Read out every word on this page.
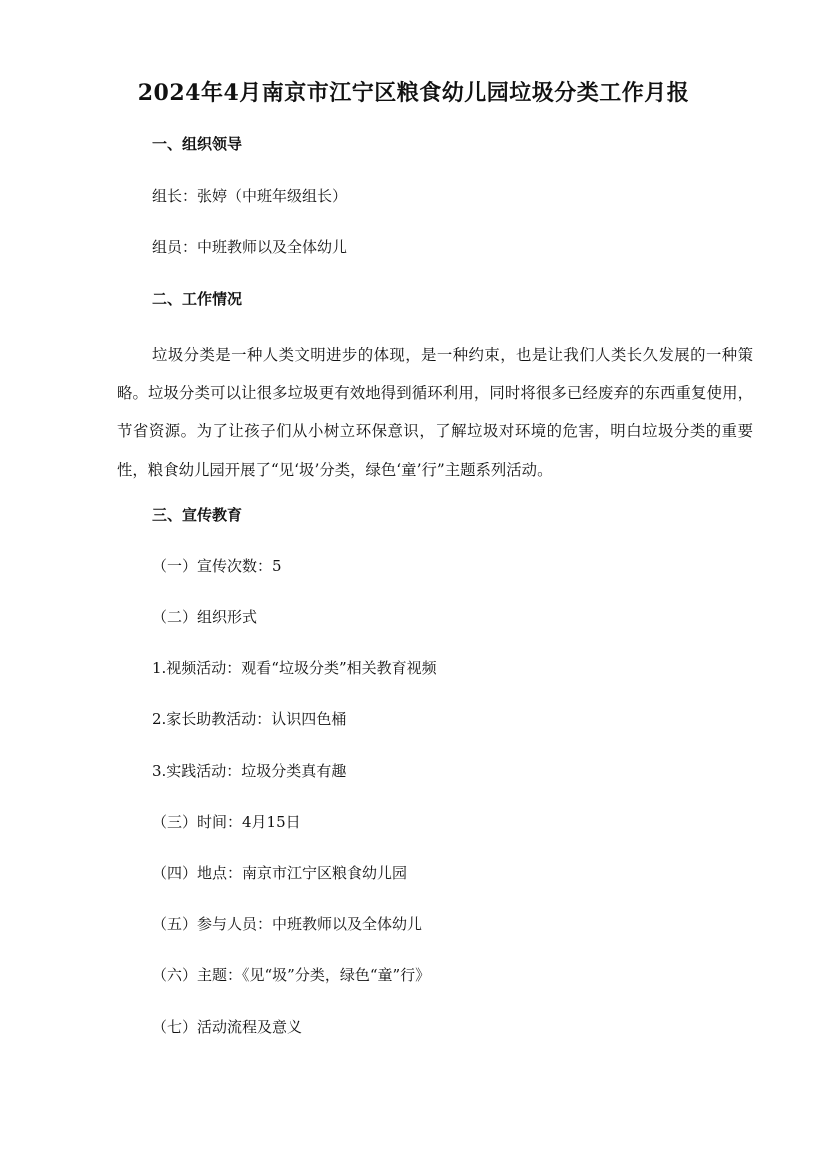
2024年4月南京市江宁区粮食幼儿园垃圾分类工作月报
一、组织领导
组长：张婷（中班年级组长）
组员：中班教师以及全体幼儿
二、工作情况
垃圾分类是一种人类文明进步的体现，是一种约束，也是让我们人类长久发展的一种策略。垃圾分类可以让很多垃圾更有效地得到循环利用，同时将很多已经废弃的东西重复使用，节省资源。为了让孩子们从小树立环保意识，了解垃圾对环境的危害，明白垃圾分类的重要性，粮食幼儿园开展了“见‘圾’分类，绿色‘童’行”主题系列活动。
三、宣传教育
（一）宣传次数：5
（二）组织形式
1.视频活动：观看“垃圾分类”相关教育视频
2.家长助教活动：认识四色桶
3.实践活动：垃圾分类真有趣
（三）时间：4月15日
（四）地点：南京市江宁区粮食幼儿园
（五）参与人员：中班教师以及全体幼儿
（六）主题：《见“圾”分类，绿色“童”行》
（七）活动流程及意义
